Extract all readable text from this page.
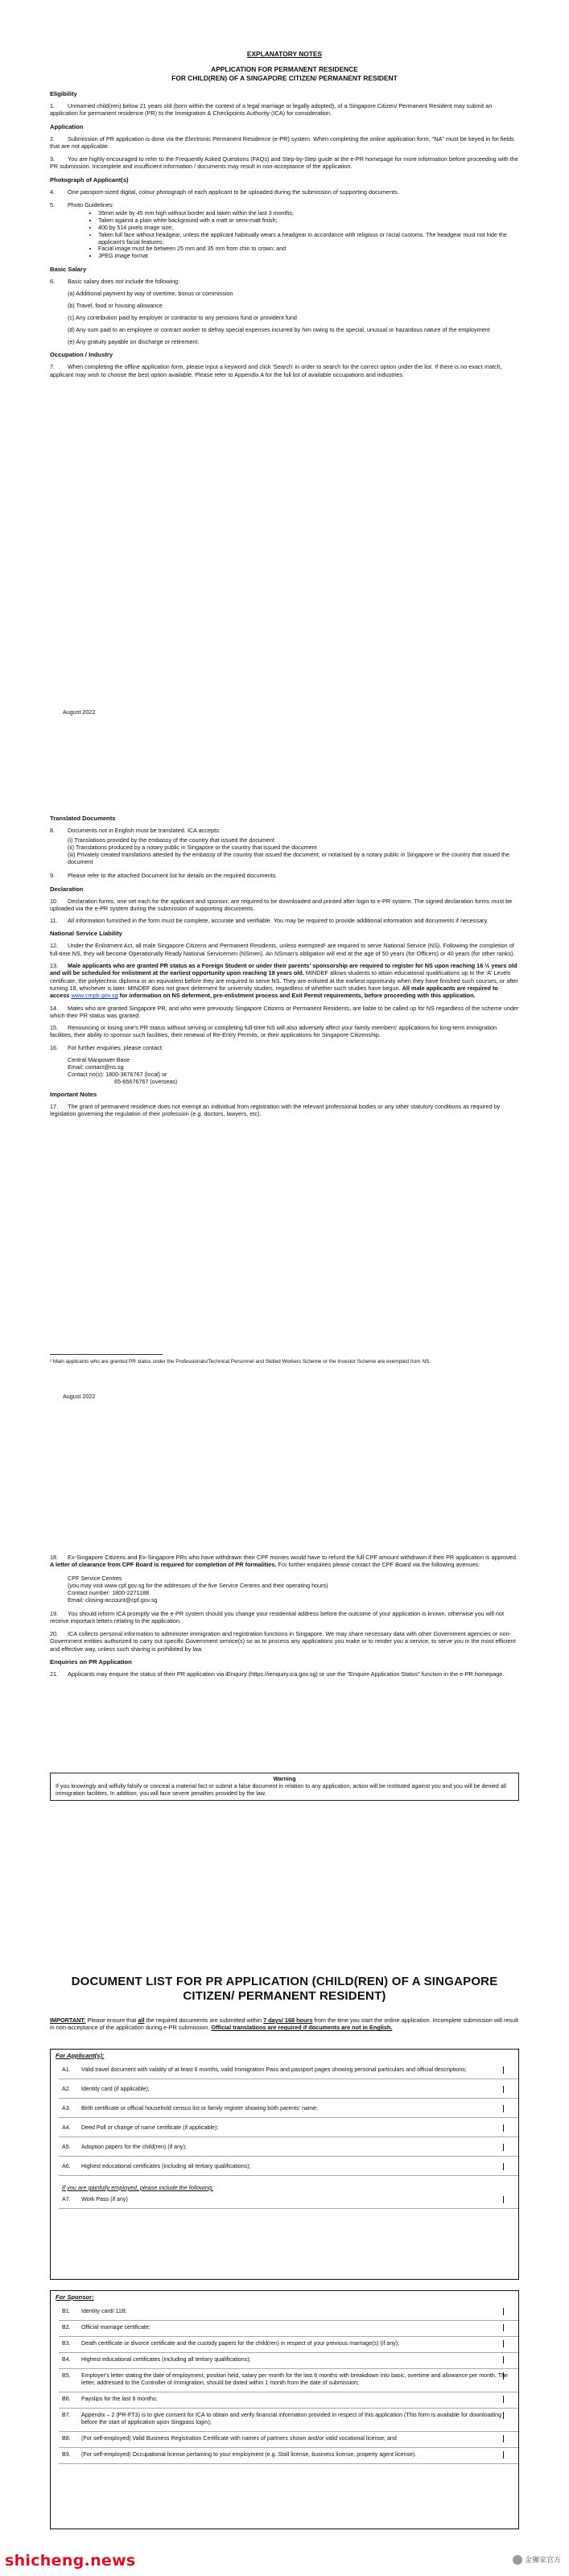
EXPLANATORY NOTES
APPLICATION FOR PERMANENT RESIDENCE
FOR CHILD(REN) OF A SINGAPORE CITIZEN/ PERMANENT RESIDENT

Eligibility

1. Unmarried child(ren) below 21 years old (born within the context of a legal marriage or legally adopted), of a Singapore Citizen/ Permanent Resident may submit an application for permanent residence (PR) to the Immigration & Checkpoints Authority (ICA) for consideration.

Application

2. Submission of PR application is done via the Electronic Permanent Residence (e-PR) system. When completing the online application form, "NA" must be keyed in for fields that are not applicable.

3. You are highly encouraged to refer to the Frequently Asked Questions (FAQs) and Step-by-Step guide at the e-PR homepage for more information before proceeding with the PR submission. Incomplete and insufficient information / documents may result in non-acceptance of the application.

Photograph of Applicant(s)

4. One passport-sized digital, colour photograph of each applicant to be uploaded during the submission of supporting documents.

5. Photo Guidelines:

• 35mm wide by 45 mm high without border and taken within the last 3 months;
• Taken against a plain white background with a matt or semi-matt finish;
• 400 by 514 pixels image size;
• Taken full face without headgear, unless the applicant habitually wears a headgear in accordance with religious or racial customs. The headgear must not hide the applicant's facial features;
• Facial image must be between 25 mm and 35 mm from chin to crown; and
• JPEG image format

Basic Salary

6. Basic salary does not include the following:

(a) Additional payment by way of overtime, bonus or commission

(b) Travel, food or housing allowance

(c) Any contribution paid by employer or contractor to any pensions fund or provident fund

(d) Any sum paid to an employee or contract worker to defray special expenses incurred by him owing to the special, unusual or hazardous nature of the employment

(e) Any gratuity payable on discharge or retirement.

Occupation / Industry

7. When completing the offline application form, please input a keyword and click 'Search' in order to search for the correct option under the list. If there is no exact match, applicant may wish to choose the best option available. Please refer to Appendix A for the full list of available occupations and industries.

August 2022

Translated Documents

8. Documents not in English must be translated. ICA accepts:

(i) Translations provided by the embassy of the country that issued the document

(ii) Translations produced by a notary public in Singapore or the country that issued the document

(iii) Privately created translations attested by the embassy of the country that issued the document; or notarised by a notary public in Singapore or the country that issued the document

9. Please refer to the attached Document list for details on the required documents.

Declaration

10. Declaration forms, one set each for the applicant and sponsor, are required to be downloaded and printed after login to e-PR system. The signed declaration forms must be uploaded via the e-PR system during the submission of supporting documents.

11. All information furnished in the form must be complete, accurate and verifiable. You may be required to provide additional information and documents if necessary.

National Service Liability

12. Under the Enlistment Act, all male Singapore Citizens and Permanent Residents, unless exempted¹ are required to serve National Service (NS). Following the completion of full-time NS, they will become Operationally Ready National Servicemen (NSmen). An NSman's obligation will end at the age of 50 years (for Officers) or 40 years (for other ranks).

13. Male applicants who are granted PR status as a Foreign Student or under their parents' sponsorship are required to register for NS upon reaching 16 ½ years old and will be scheduled for enlistment at the earliest opportunity upon reaching 18 years old. MINDEF allows students to attain educational qualifications up to the 'A' Levels certificate, the polytechnic diploma or an equivalent before they are required to serve NS. They are enlisted at the earliest opportunity when they have finished such courses, or after turning 18, whichever is later. MINDEF does not grant deferment for university studies, regardless of whether such studies have begun. All male applicants are required to access www.cmpb.gov.sg for information on NS deferment, pre-enlistment process and Exit Permit requirements, before proceeding with this application.

14. Males who are granted Singapore PR, and who were previously Singapore Citizens or Permanent Residents, are liable to be called up for NS regardless of the scheme under which their PR status was granted.

15. Renouncing or losing one's PR status without serving or completing full-time NS will also adversely affect your family members' applications for long-term immigration facilities, their ability to sponsor such facilities, their renewal of Re-Entry Permits, or their applications for Singapore Citizenship.

16. For further enquiries, please contact:

Central Manpower Base

Email: contact@ns.sg

Contact no(s): 1800-3676767 (local) or

65-65676767 (overseas)

Important Notes

17. The grant of permanent residence does not exempt an individual from registration with the relevant professional bodies or any other statutory conditions as required by legislation governing the regulation of their profession (e.g. doctors, lawyers, etc).

¹ Main applicants who are granted PR status under the Professionals/Technical Personnel and Skilled Workers Scheme or the Investor Scheme are exempted from NS.
August 2022

18. Ex-Singapore Citizens and Ex-Singapore PRs who have withdrawn their CPF monies would have to refund the full CPF amount withdrawn if their PR application is approved. A letter of clearance from CPF Board is required for completion of PR formalities. For further enquiries please contact the CPF Board via the following avenues:

CPF Service Centres

(you may visit www.cpf.gov.sg for the addresses of the five Service Centres and their operating hours)

Contact number: 1800-2271188

Email: closing-account@cpf.gov.sg

19. You should inform ICA promptly via the e-PR system should you change your residential address before the outcome of your application is known, otherwise you will not receive important letters relating to the application.

20. ICA collects personal information to administer immigration and registration functions in Singapore. We may share necessary data with other Government agencies or non-Government entities authorized to carry out specific Government service(s) so as to process any applications you make or to render you a service, to serve you in the most efficient and effective way, unless such sharing is prohibited by law.

Enquiries on PR Application

21. Applicants may enquire the status of their PR application via iEnquiry (https://ienquiry.ica.gov.sg) or use the "Enquire Application Status" function in the e-PR homepage.

Warning
If you knowingly and wilfully falsify or conceal a material fact or submit a false document in relation to any application, action will be instituted against you and you will be denied all immigration facilities. In addition, you will face severe penalties provided by the law.
DOCUMENT LIST FOR PR APPLICATION (CHILD(REN) OF A SINGAPORE CITIZEN/ PERMANENT RESIDENT)

IMPORTANT: Please ensure that all the required documents are submitted within 7 days/ 168 hours from the time you start the online application. Incomplete submission will result in non-acceptance of the application during e-PR submission. Official translations are required if documents are not in English.

For Applicant(s):
A1. Valid travel document with validity of at least 6 months, valid Immigration Pass and passport pages showing personal particulars and official descriptions;
A2. Identity card (if applicable);
A3. Birth certificate or official household census list or family register showing both parents' name;
A4. Deed Poll or change of name certificate (if applicable);
A5. Adoption papers for the child(ren) (if any);
A6. Highest educational certificates (including all tertiary qualifications);
If you are gainfully employed, please include the following:
A7. Work Pass (if any)
For Sponsor:
B1. Identity card/ 11B;
B2. Official marriage certificate;
B3. Death certificate or divorce certificate and the custody papers for the child(ren) in respect of your previous marriage(s) (if any);
B4. Highest educational certificates (including all tertiary qualifications);
B5. Employer's letter stating the date of employment, position held, salary per month for the last 6 months with breakdown into basic, overtime and allowance per month. The letter, addressed to the Controller of Immigration, should be dated within 1 month from the date of submission;
B6. Payslips for the last 6 months;
B7. Appendix – 2 (PR-FT3) is to give consent for ICA to obtain and verify financial information provided in respect of this application (This form is available for downloading before the start of application upon Singpass login);
B8. (For self-employed) Valid Business Registration Certificate with names of partners shown and/or valid vocational license; and
B9. (For self-employed) Occupational license pertaining to your employment (e.g. Stall license, business license, property agent license).
shicheng.news	金狮家官方
